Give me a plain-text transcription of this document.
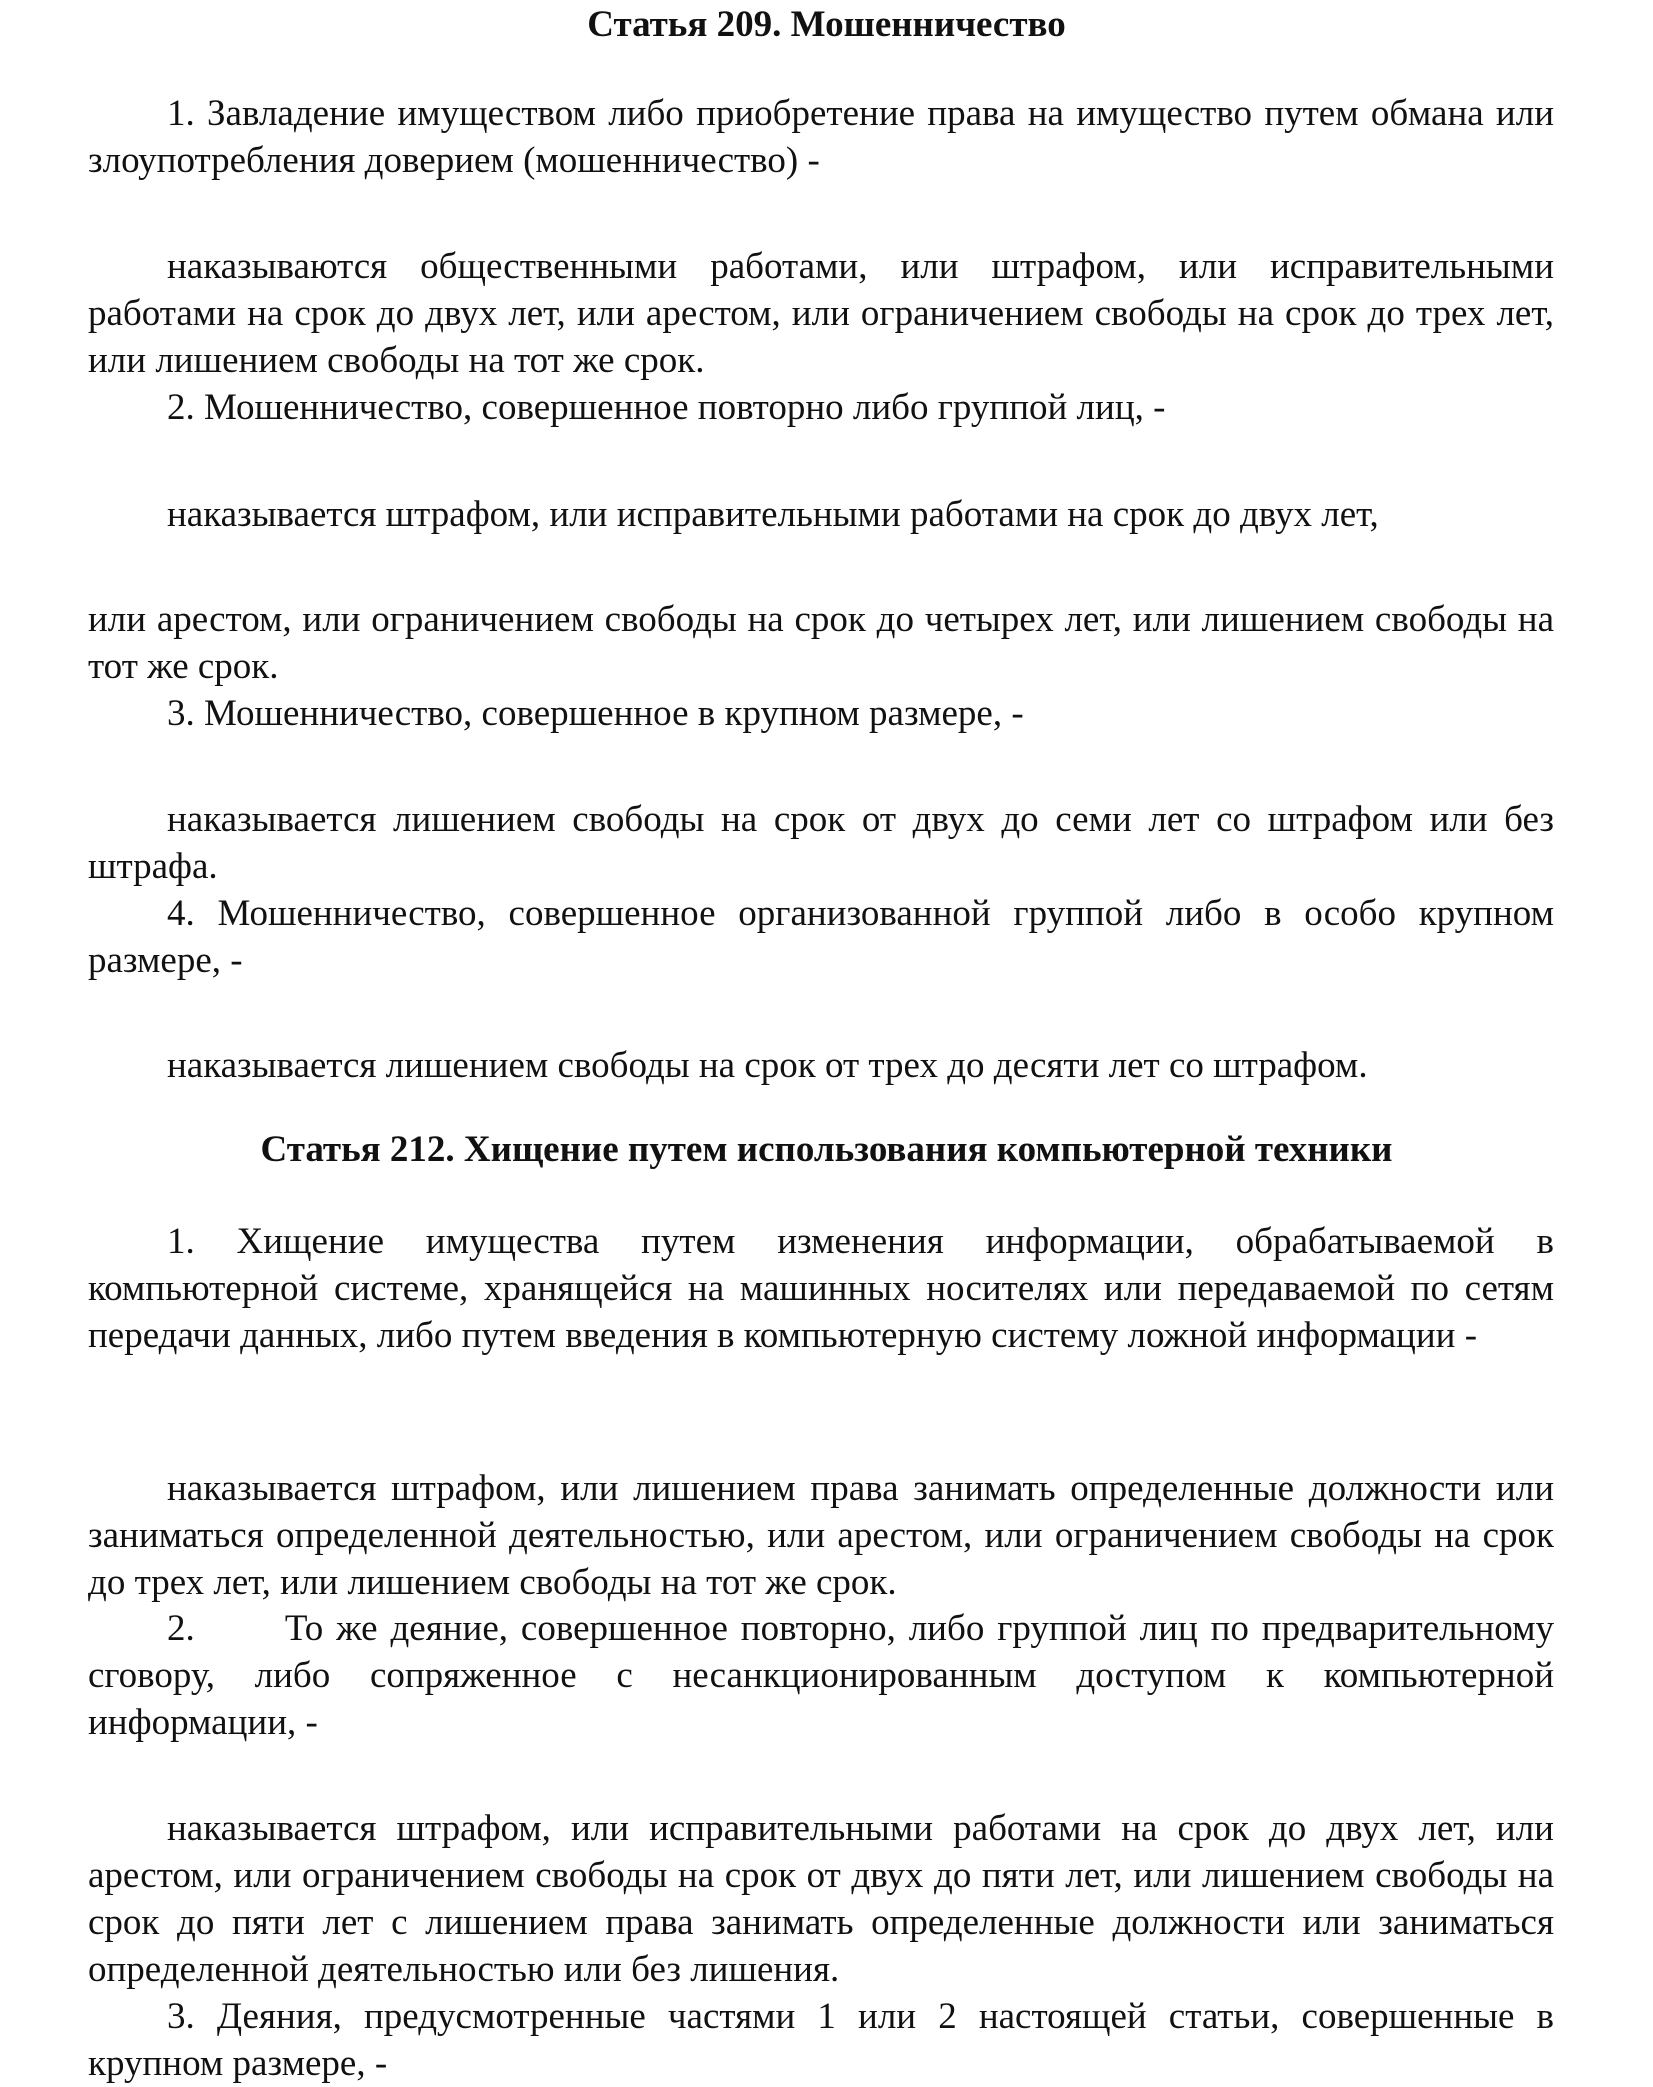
Статья 209. Мошенничество

1. Завладение имуществом либо приобретение права на имущество путем обмана или злоупотребления доверием (мошенничество) -

наказываются общественными работами, или штрафом, или исправительными работами на срок до двух лет, или арестом, или ограничением свободы на срок до трех лет, или лишением свободы на тот же срок.

2. Мошенничество, совершенное повторно либо группой лиц, -

наказывается штрафом, или исправительными работами на срок до двух лет,

или арестом, или ограничением свободы на срок до четырех лет, или лишением свободы на тот же срок.

3. Мошенничество, совершенное в крупном размере, -

наказывается лишением свободы на срок от двух до семи лет со штрафом или без штрафа.

4. Мошенничество, совершенное организованной группой либо в особо крупном размере, -

наказывается лишением свободы на срок от трех до десяти лет со штрафом.

Статья 212. Хищение путем использования компьютерной техники

1. Хищение имущества путем изменения информации, обрабатываемой в компьютерной системе, хранящейся на машинных носителях или передаваемой по сетям передачи данных, либо путем введения в компьютерную систему ложной информации -

наказывается штрафом, или лишением права занимать определенные должности или заниматься определенной деятельностью, или арестом, или ограничением свободы на срок до трех лет, или лишением свободы на тот же срок.

2.       То же деяние, совершенное повторно, либо группой лиц по предварительному сговору, либо сопряженное с несанкционированным доступом к компьютерной информации, -

наказывается штрафом, или исправительными работами на срок до двух лет, или арестом, или ограничением свободы на срок от двух до пяти лет, или лишением свободы на срок до пяти лет с лишением права занимать определенные должности или заниматься определенной деятельностью или без лишения.

3. Деяния, предусмотренные частями 1 или 2 настоящей статьи, совершенные в крупном размере, -
